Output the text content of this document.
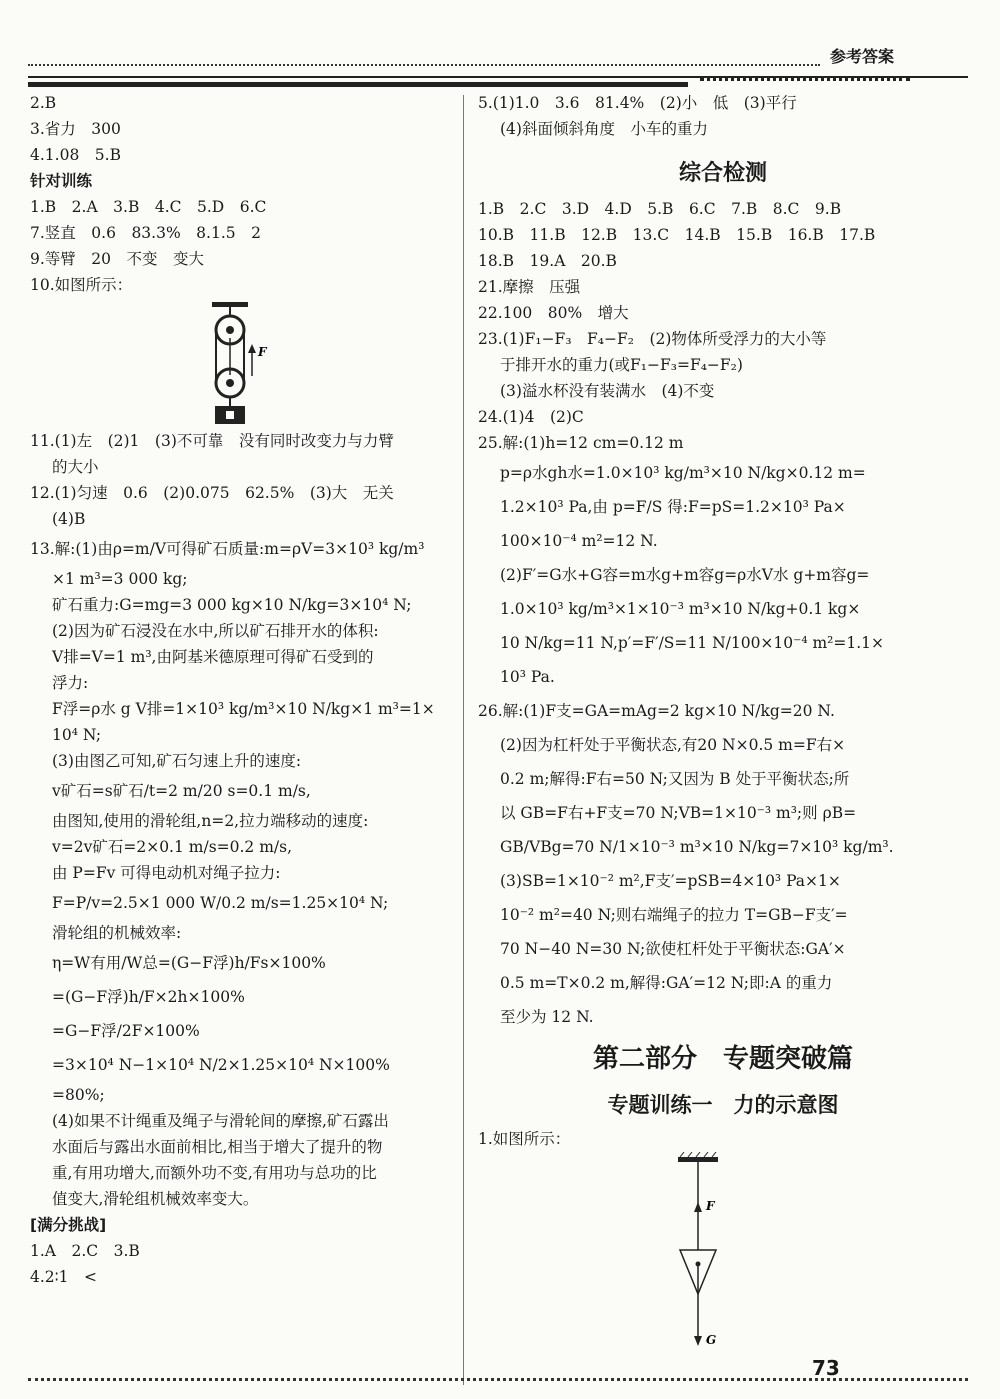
参考答案
2.B
3.省力　300
4.1.08　5.B
针对训练
1.B　2.A　3.B　4.C　5.D　6.C
7.竖直　0.6　83.3%　8.1.5　2
9.等臂　20　不变　变大
10.如图所示：
F
11.(1)左　(2)1　(3)不可靠　没有同时改变力与力臂
的大小
12.(1)匀速　0.6　(2)0.075　62.5%　(3)大　无关
(4)B
13.解:(1)由ρ=m/V可得矿石质量:m=ρV=3×10³ kg/m³
×1 m³=3 000 kg;
矿石重力:G=mg=3 000 kg×10 N/kg=3×10⁴ N;
(2)因为矿石浸没在水中,所以矿石排开水的体积:
V排=V=1 m³,由阿基米德原理可得矿石受到的
浮力:
F浮=ρ水 g V排=1×10³ kg/m³×10 N/kg×1 m³=1×
10⁴ N;
(3)由图乙可知,矿石匀速上升的速度:
v矿石=s矿石/t=2 m/20 s=0.1 m/s,
由图知,使用的滑轮组,n=2,拉力端移动的速度:
v=2v矿石=2×0.1 m/s=0.2 m/s,
由 P=Fv 可得电动机对绳子拉力:
F=P/v=2.5×1 000 W/0.2 m/s=1.25×10⁴ N;
滑轮组的机械效率:
η=W有用/W总=(G−F浮)h/Fs×100%
=(G−F浮)h/F×2h×100%
=G−F浮/2F×100%
=3×10⁴ N−1×10⁴ N/2×1.25×10⁴ N×100%
=80%;
(4)如果不计绳重及绳子与滑轮间的摩擦,矿石露出
水面后与露出水面前相比,相当于增大了提升的物
重,有用功增大,而额外功不变,有用功与总功的比
值变大,滑轮组机械效率变大。
[满分挑战]
1.A　2.C　3.B
4.2∶1　<
5.(1)1.0　3.6　81.4%　(2)小　低　(3)平行
(4)斜面倾斜角度　小车的重力
综合检测
1.B　2.C　3.D　4.D　5.B　6.C　7.B　8.C　9.B
10.B　11.B　12.B　13.C　14.B　15.B　16.B　17.B
18.B　19.A　20.B
21.摩擦　压强
22.100　80%　增大
23.(1)F₁−F₃　F₄−F₂　(2)物体所受浮力的大小等
于排开水的重力(或F₁−F₃=F₄−F₂)
(3)溢水杯没有装满水　(4)不变
24.(1)4　(2)C
25.解:(1)h=12 cm=0.12 m
p=ρ水gh水=1.0×10³ kg/m³×10 N/kg×0.12 m=
1.2×10³ Pa,由 p=F/S 得:F=pS=1.2×10³ Pa×
100×10⁻⁴ m²=12 N.
(2)F′=G水+G容=m水g+m容g=ρ水V水 g+m容g=
1.0×10³ kg/m³×1×10⁻³ m³×10 N/kg+0.1 kg×
10 N/kg=11 N,p′=F′/S=11 N/100×10⁻⁴ m²=1.1×
10³ Pa.
26.解:(1)F支=GA=mAg=2 kg×10 N/kg=20 N.
(2)因为杠杆处于平衡状态,有20 N×0.5 m=F右×
0.2 m;解得:F右=50 N;又因为 B 处于平衡状态;所
以 GB=F右+F支=70 N;VB=1×10⁻³ m³;则 ρB=
GB/VBg=70 N/1×10⁻³ m³×10 N/kg=7×10³ kg/m³.
(3)SB=1×10⁻² m²,F支′=pSB=4×10³ Pa×1×
10⁻² m²=40 N;则右端绳子的拉力 T=GB−F支′=
70 N−40 N=30 N;欲使杠杆处于平衡状态:GA′×
0.5 m=T×0.2 m,解得:GA′=12 N;即:A 的重力
至少为 12 N.
第二部分　专题突破篇
专题训练一　力的示意图
1.如图所示：
F
G
73
